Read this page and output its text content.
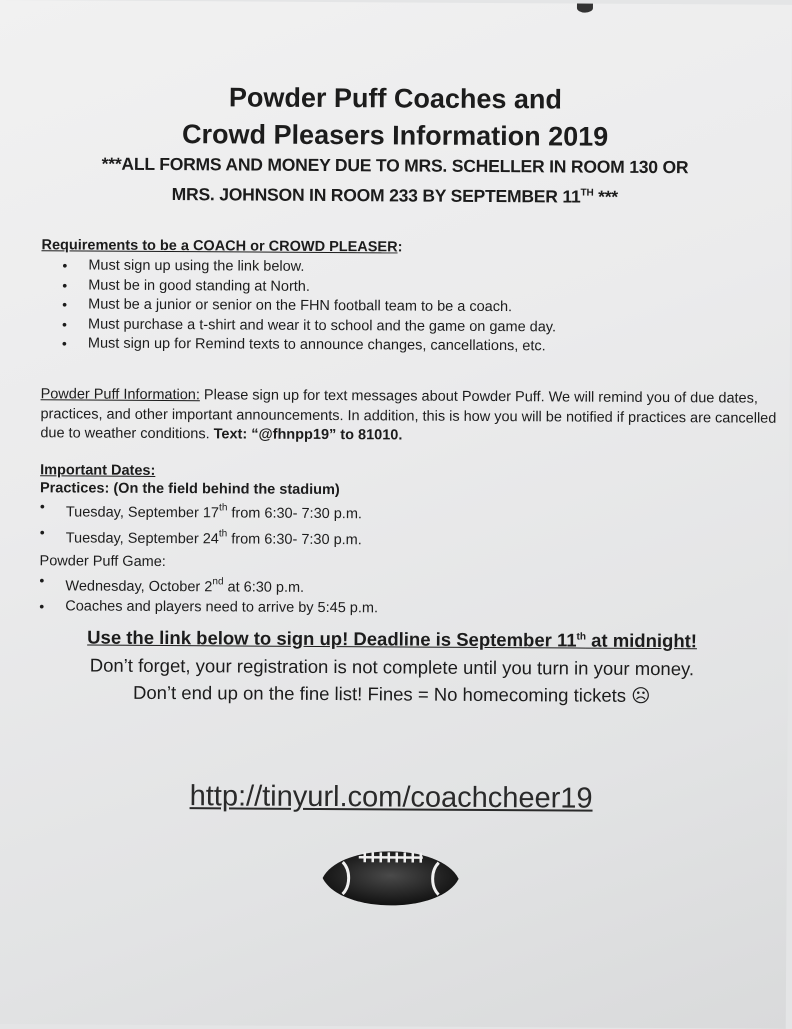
Powder Puff Coaches and
Crowd Pleasers Information 2019
***ALL FORMS AND MONEY DUE TO MRS. SCHELLER IN ROOM 130 OR
MRS. JOHNSON IN ROOM 233 BY SEPTEMBER 11TH ***
Requirements to be a COACH or CROWD PLEASER:
• Must sign up using the link below.
• Must be in good standing at North.
• Must be a junior or senior on the FHN football team to be a coach.
• Must purchase a t-shirt and wear it to school and the game on game day.
• Must sign up for Remind texts to announce changes, cancellations, etc.
Powder Puff Information: Please sign up for text messages about Powder Puff. We will remind you of due dates, practices, and other important announcements. In addition, this is how you will be notified if practices are cancelled due to weather conditions. Text: “@fhnpp19” to 81010.
Important Dates:
Practices: (On the field behind the stadium)
• Tuesday, September 17th from 6:30- 7:30 p.m.
• Tuesday, September 24th from 6:30- 7:30 p.m.
Powder Puff Game:
• Wednesday, October 2nd at 6:30 p.m.
• Coaches and players need to arrive by 5:45 p.m.
Use the link below to sign up! Deadline is September 11th at midnight!
Don’t forget, your registration is not complete until you turn in your money.
Don’t end up on the fine list! Fines = No homecoming tickets ☹
http://tinyurl.com/coachcheer19
